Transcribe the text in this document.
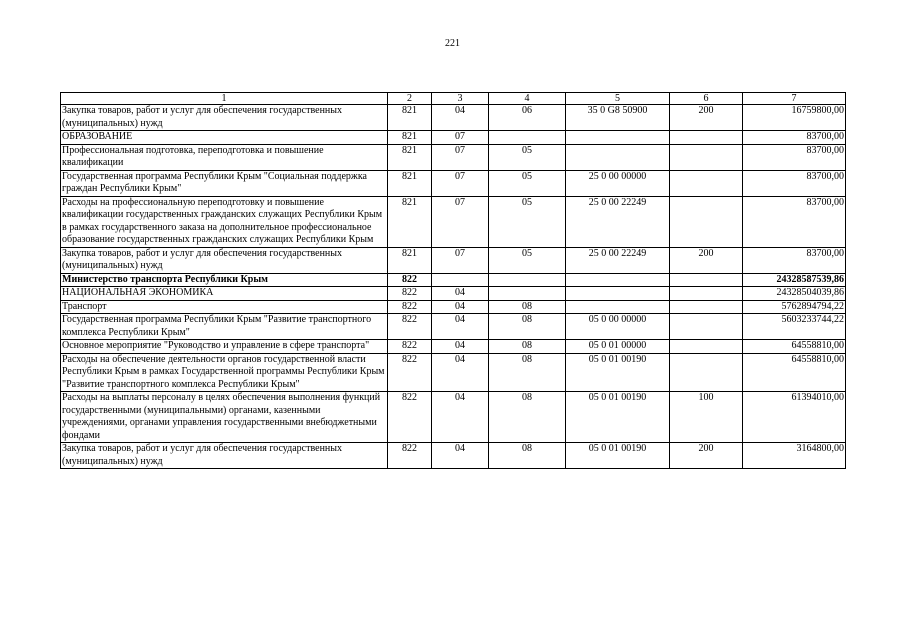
221
1	2	3	4	5	6	7
Закупка товаров, работ и услуг для обеспечения государственных (муниципальных) нужд	821	04	06	35 0 G8 50900	200	16759800,00
ОБРАЗОВАНИЕ	821	07				83700,00
Профессиональная подготовка, переподготовка и повышение квалификации	821	07	05			83700,00
Государственная программа Республики Крым "Социальная поддержка граждан Республики Крым"	821	07	05	25 0 00 00000		83700,00
Расходы на профессиональную переподготовку и повышение квалификации государственных гражданских служащих Республики Крым в рамках государственного заказа на дополнительное профессиональное образование государственных гражданских служащих Республики Крым	821	07	05	25 0 00 22249		83700,00
Закупка товаров, работ и услуг для обеспечения государственных (муниципальных) нужд	821	07	05	25 0 00 22249	200	83700,00
Министерство транспорта Республики Крым	822					24328587539,86
НАЦИОНАЛЬНАЯ ЭКОНОМИКА	822	04				24328504039,86
Транспорт	822	04	08			5762894794,22
Государственная программа Республики Крым "Развитие транспортного комплекса Республики Крым"	822	04	08	05 0 00 00000		5603233744,22
Основное мероприятие "Руководство и управление в сфере транспорта"	822	04	08	05 0 01 00000		64558810,00
Расходы на обеспечение деятельности органов государственной власти Республики Крым в рамках Государственной программы Республики Крым "Развитие транспортного комплекса Республики Крым"	822	04	08	05 0 01 00190		64558810,00
Расходы на выплаты персоналу в целях обеспечения выполнения функций государственными (муниципальными) органами, казенными учреждениями, органами управления государственными внебюджетными фондами	822	04	08	05 0 01 00190	100	61394010,00
Закупка товаров, работ и услуг для обеспечения государственных (муниципальных) нужд	822	04	08	05 0 01 00190	200	3164800,00
